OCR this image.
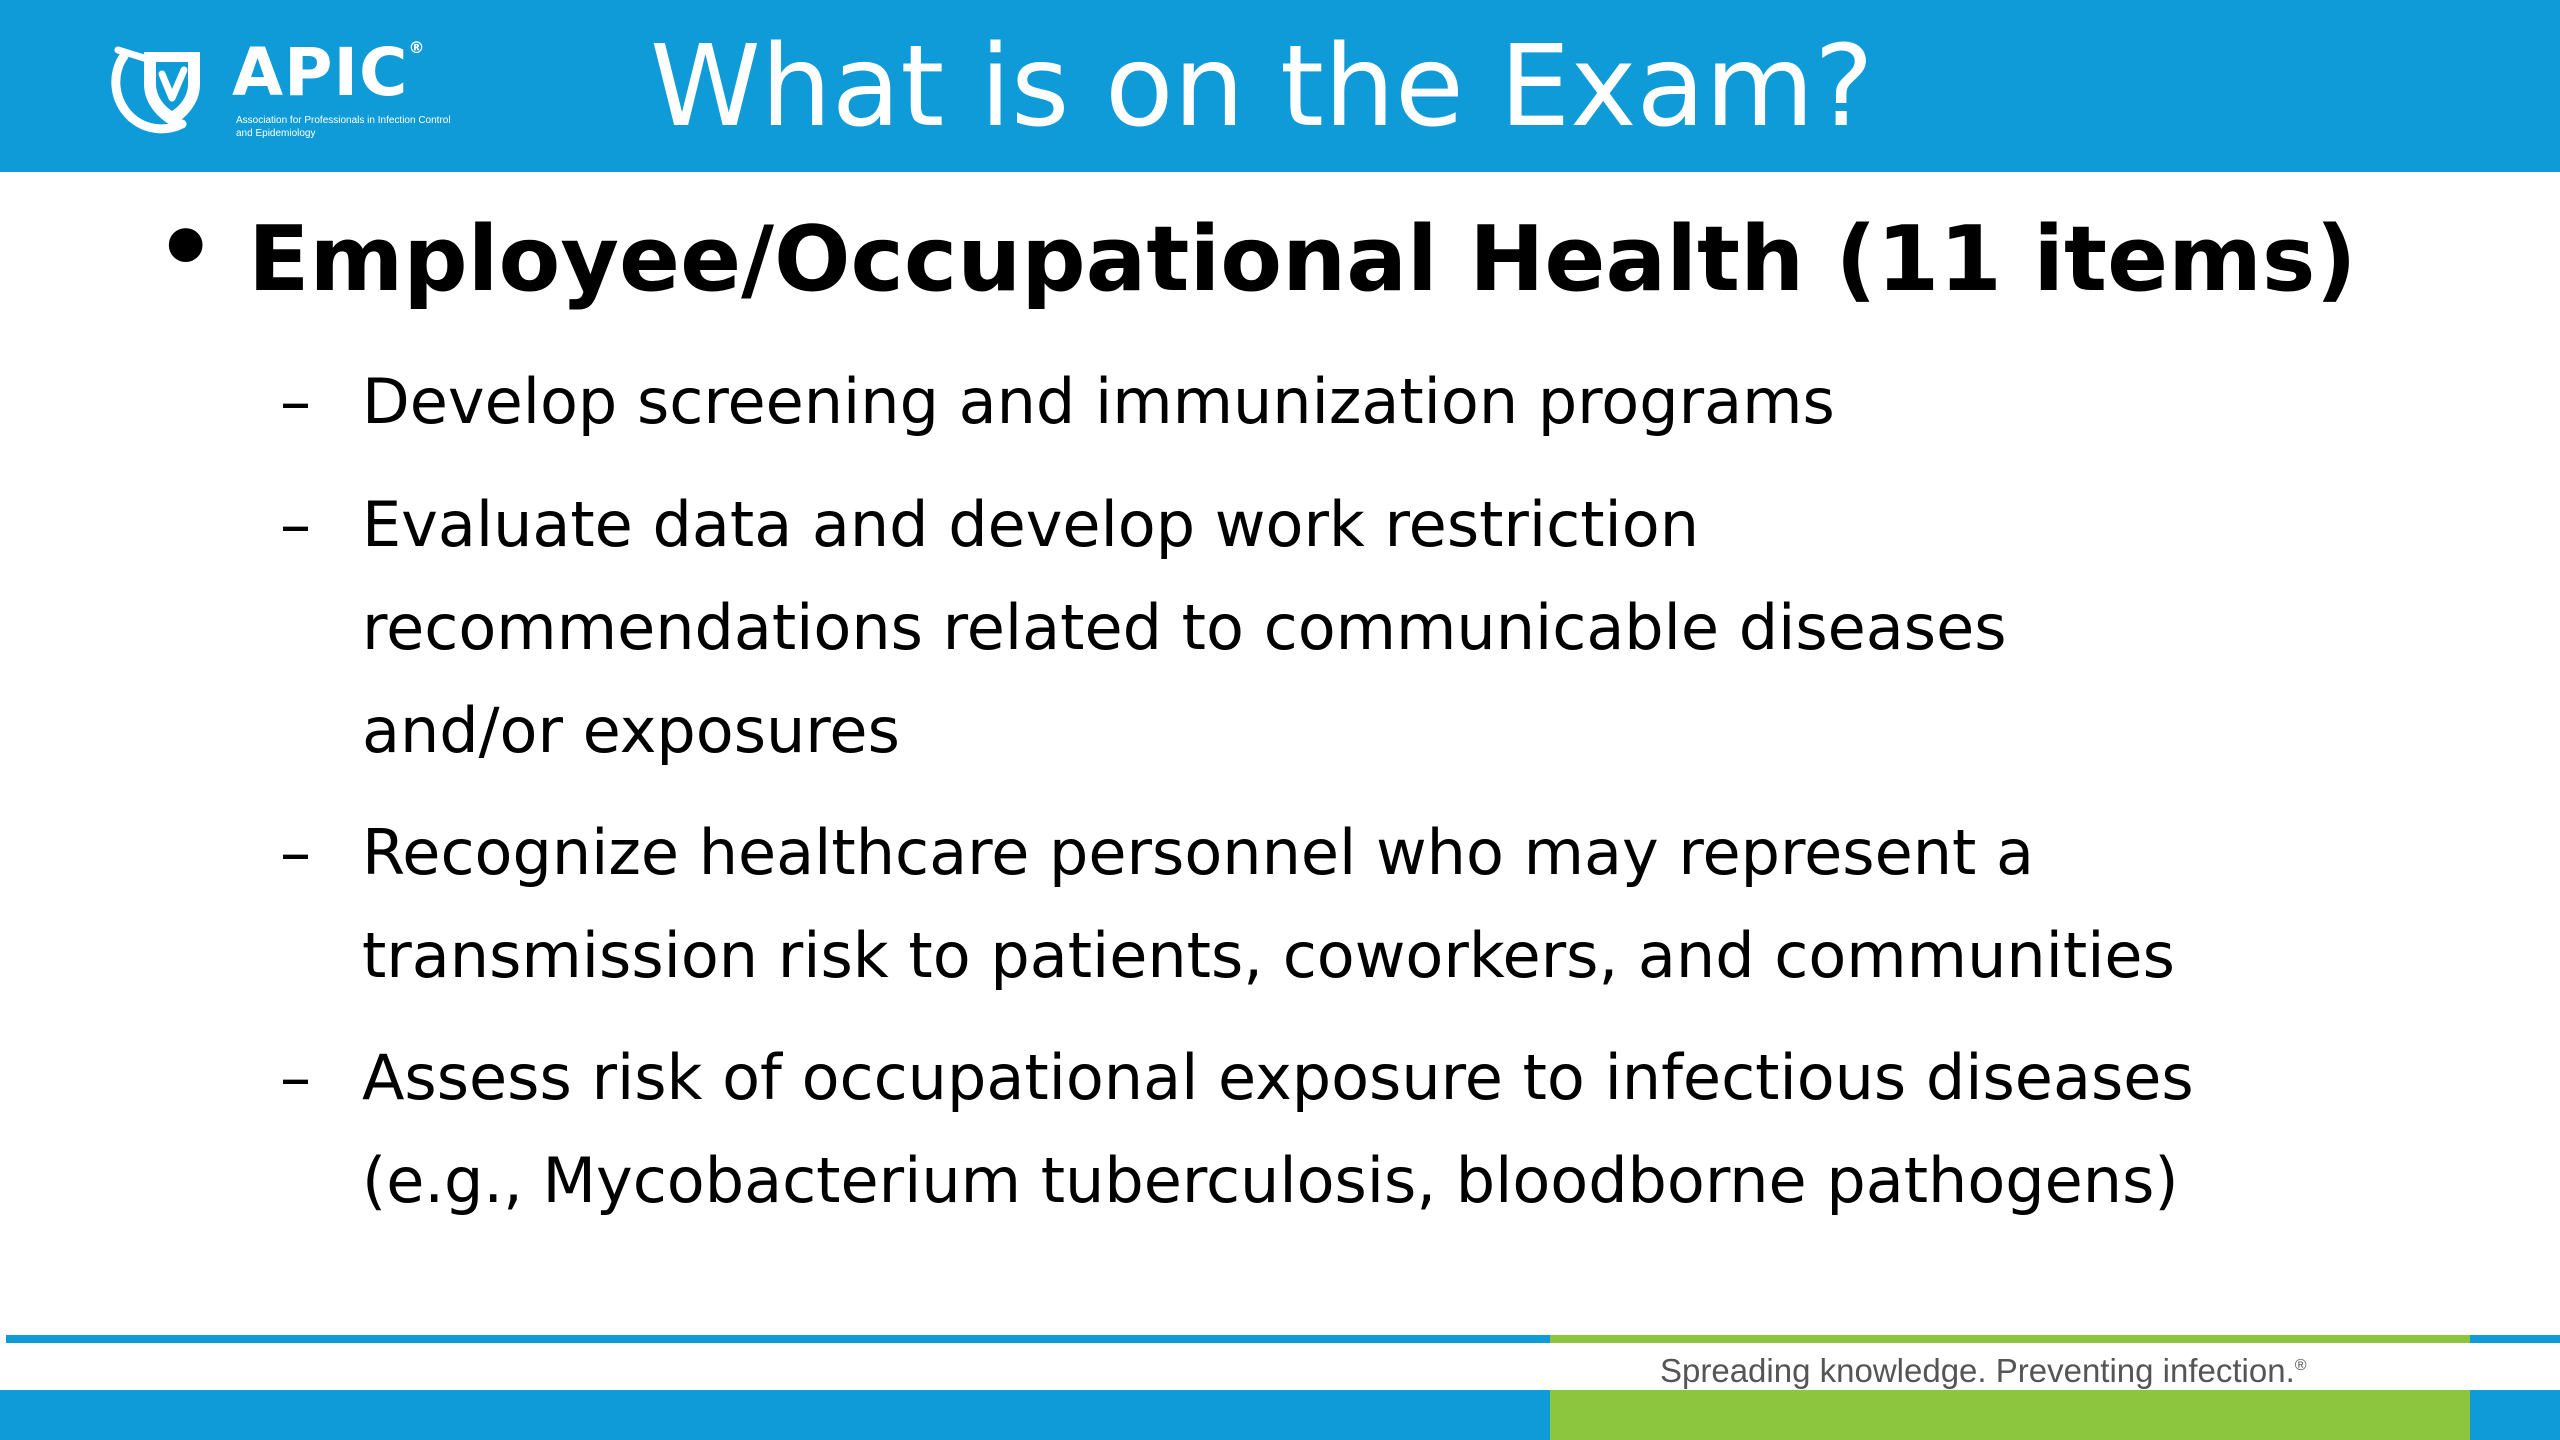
APIC®
Association for Professionals in Infection Control and Epidemiology	What is on the Exam?
• Employee/Occupational Health (11 items)
– Develop screening and immunization programs
– Evaluate data and develop work restriction
recommendations related to communicable diseases
and/or exposures
– Recognize healthcare personnel who may represent a
transmission risk to patients, coworkers, and communities
– Assess risk of occupational exposure to infectious diseases
(e.g., Mycobacterium tuberculosis, bloodborne pathogens)
Spreading knowledge. Preventing infection.®
